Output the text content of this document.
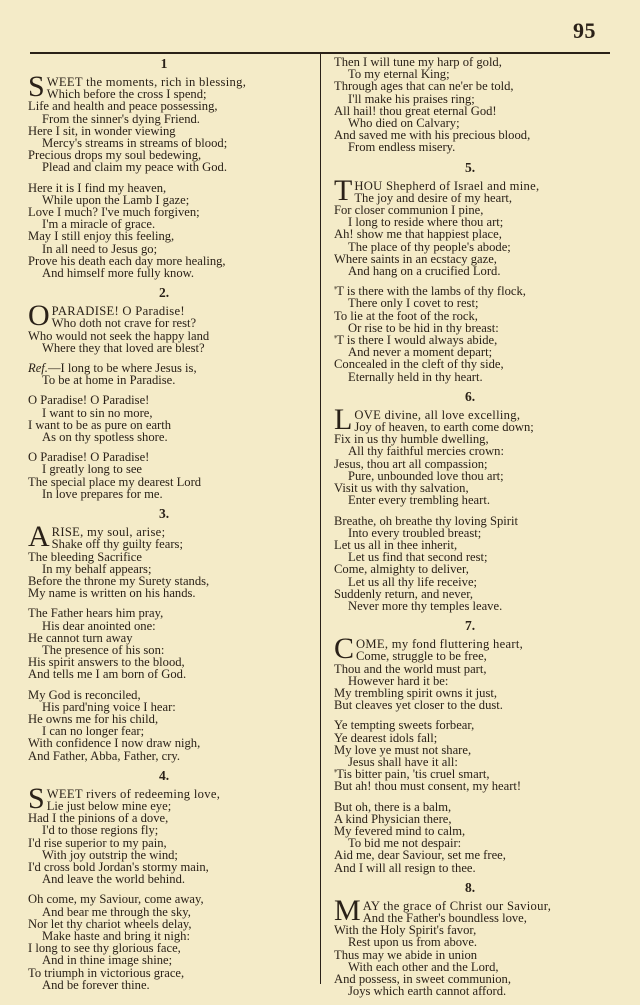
95
1
SWEET the moments, rich in blessing,
Which before the cross I spend;
Life and health and peace possessing,
From the sinner's dying Friend.
Here I sit, in wonder viewing
Mercy's streams in streams of blood;
Precious drops my soul bedewing,
Plead and claim my peace with God.
Here it is I find my heaven,
While upon the Lamb I gaze;
Love I much? I've much forgiven;
I'm a miracle of grace.
May I still enjoy this feeling,
In all need to Jesus go;
Prove his death each day more healing,
And himself more fully know.
2.
OPARADISE! O Paradise!
Who doth not crave for rest?
Who would not seek the happy land
Where they that loved are blest?
Ref.—I long to be where Jesus is,
To be at home in Paradise.
O Paradise! O Paradise!
I want to sin no more,
I want to be as pure on earth
As on thy spotless shore.
O Paradise! O Paradise!
I greatly long to see
The special place my dearest Lord
In love prepares for me.
3.
ARISE, my soul, arise;
Shake off thy guilty fears;
The bleeding Sacrifice
In my behalf appears;
Before the throne my Surety stands,
My name is written on his hands.
The Father hears him pray,
His dear anointed one:
He cannot turn away
The presence of his son:
His spirit answers to the blood,
And tells me I am born of God.
My God is reconciled,
His pard'ning voice I hear:
He owns me for his child,
I can no longer fear;
With confidence I now draw nigh,
And Father, Abba, Father, cry.
4.
SWEET rivers of redeeming love,
Lie just below mine eye;
Had I the pinions of a dove,
I'd to those regions fly;
I'd rise superior to my pain,
With joy outstrip the wind;
I'd cross bold Jordan's stormy main,
And leave the world behind.
Oh come, my Saviour, come away,
And bear me through the sky,
Nor let thy chariot wheels delay,
Make haste and bring it nigh:
I long to see thy glorious face,
And in thine image shine;
To triumph in victorious grace,
And be forever thine.
Then I will tune my harp of gold,
To my eternal King;
Through ages that can ne'er be told,
I'll make his praises ring;
All hail! thou great eternal God!
Who died on Calvary;
And saved me with his precious blood,
From endless misery.
5.
THOU Shepherd of Israel and mine,
The joy and desire of my heart,
For closer communion I pine,
I long to reside where thou art;
Ah! show me that happiest place,
The place of thy people's abode;
Where saints in an ecstacy gaze,
And hang on a crucified Lord.
'T is there with the lambs of thy flock,
There only I covet to rest;
To lie at the foot of the rock,
Or rise to be hid in thy breast:
'T is there I would always abide,
And never a moment depart;
Concealed in the cleft of thy side,
Eternally held in thy heart.
6.
LOVE divine, all love excelling,
Joy of heaven, to earth come down;
Fix in us thy humble dwelling,
All thy faithful mercies crown:
Jesus, thou art all compassion;
Pure, unbounded love thou art;
Visit us with thy salvation,
Enter every trembling heart.
Breathe, oh breathe thy loving Spirit
Into every troubled breast;
Let us all in thee inherit,
Let us find that second rest;
Come, almighty to deliver,
Let us all thy life receive;
Suddenly return, and never,
Never more thy temples leave.
7.
COME, my fond fluttering heart,
Come, struggle to be free,
Thou and the world must part,
However hard it be:
My trembling spirit owns it just,
But cleaves yet closer to the dust.
Ye tempting sweets forbear,
Ye dearest idols fall;
My love ye must not share,
Jesus shall have it all:
'Tis bitter pain, 'tis cruel smart,
But ah! thou must consent, my heart!
But oh, there is a balm,
A kind Physician there,
My fevered mind to calm,
To bid me not despair:
Aid me, dear Saviour, set me free,
And I will all resign to thee.
8.
MAY the grace of Christ our Saviour,
And the Father's boundless love,
With the Holy Spirit's favor,
Rest upon us from above.
Thus may we abide in union
With each other and the Lord,
And possess, in sweet communion,
Joys which earth cannot afford.
